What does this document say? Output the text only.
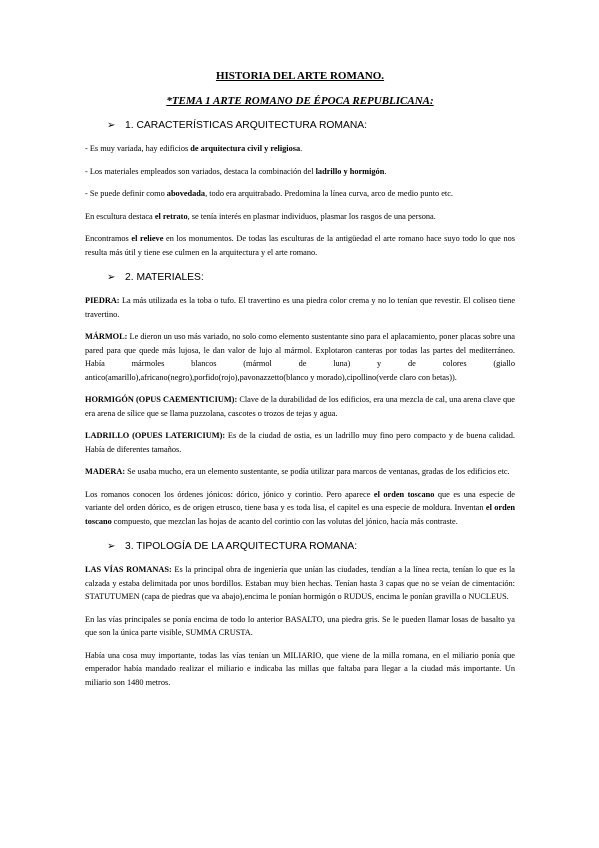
HISTORIA DEL ARTE ROMANO.
*TEMA 1 ARTE ROMANO DE ÉPOCA REPUBLICANA:
➢ 1. CARACTERÍSTICAS ARQUITECTURA ROMANA:

- Es muy variada, hay edificios de arquitectura civil y religiosa.

- Los materiales empleados son variados, destaca la combinación del ladrillo y hormigón.

- Se puede definir como abovedada, todo era arquitrabado. Predomina la línea curva, arco de medio punto etc.

En escultura destaca el retrato, se tenía interés en plasmar individuos, plasmar los rasgos de una persona.

Encontramos el relieve en los monumentos. De todas las esculturas de la antigüedad el arte romano hace suyo todo lo que nos resulta más útil y tiene ese culmen en la arquitectura y el arte romano.

➢ 2. MATERIALES:

PIEDRA: La más utilizada es la toba o tufo. El travertino es una piedra color crema y no lo tenían que revestir. El coliseo tiene travertino.

MÁRMOL: Le dieron un uso más variado, no solo como elemento sustentante sino para el aplacamiento, poner placas sobre una pared para que quede más lujosa, le dan valor de lujo al mármol. Explotaron canteras por todas las partes del mediterráneo. Había mármoles blancos (mármol de luna) y de colores (giallo antico(amarillo),africano(negro),porfido(rojo),pavonazzetto(blanco y morado),cipollino(verde claro con betas)).

HORMIGÓN (OPUS CAEMENTICIUM): Clave de la durabilidad de los edificios, era una mezcla de cal, una arena clave que era arena de sílice que se llama puzzolana, cascotes o trozos de tejas y agua.

LADRILLO (OPUES LATERICIUM): Es de la ciudad de ostia, es un ladrillo muy fino pero compacto y de buena calidad. Había de diferentes tamaños.

MADERA: Se usaba mucho, era un elemento sustentante, se podía utilizar para marcos de ventanas, gradas de los edificios etc.

Los romanos conocen los órdenes jónicos: dórico, jónico y corintio. Pero aparece el orden toscano que es una especie de variante del orden dórico, es de origen etrusco, tiene basa y es toda lisa, el capitel es una especie de moldura. Inventan el orden toscano compuesto, que mezclan las hojas de acanto del corintio con las volutas del jónico, hacía más contraste.

➢ 3. TIPOLOGÍA DE LA ARQUITECTURA ROMANA:

LAS VÍAS ROMANAS: Es la principal obra de ingeniería que unían las ciudades, tendían a la línea recta, tenían lo que es la calzada y estaba delimitada por unos bordillos. Estaban muy bien hechas. Tenían hasta 3 capas que no se veían de cimentación: STATUTUMEN (capa de piedras que va abajo),encima le ponían hormigón o RUDUS, encima le ponían gravilla o NUCLEUS.

En las vías principales se ponía encima de todo lo anterior BASALTO, una piedra gris. Se le pueden llamar losas de basalto ya que son la única parte visible, SUMMA CRUSTA.

Había una cosa muy importante, todas las vías tenían un MILIARIO, que viene de la milla romana, en el miliario ponía que emperador había mandado realizar el miliario e indicaba las millas que faltaba para llegar a la ciudad más importante. Un miliario son 1480 metros.
